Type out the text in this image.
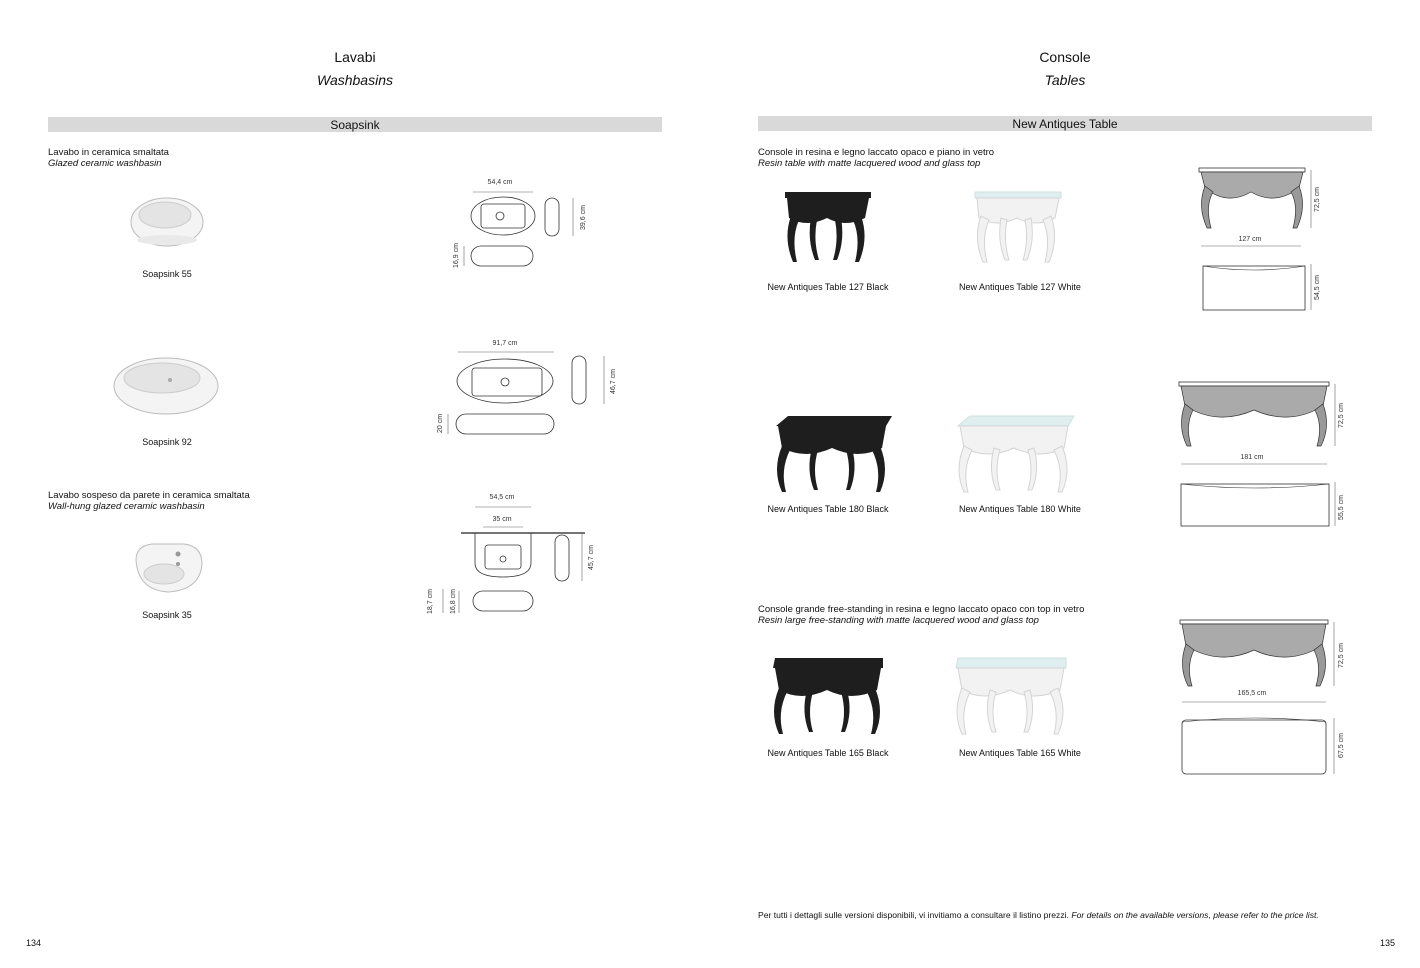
Lavabi
Washbasins
Soapsink
Lavabo in ceramica smaltata
Glazed ceramic washbasin
Soapsink 55
54,4 cm
39,6 cm
16,9 cm
Soapsink 92
91,7 cm
46,7 cm
20 cm
Lavabo sospeso da parete in ceramica smaltata
Wall-hung glazed ceramic washbasin
Soapsink 35
54,5 cm
35 cm
45,7 cm
18,7 cm 16,8 cm
134
Console
Tables
New Antiques Table
Console in resina e legno laccato opaco e piano in vetro
Resin table with matte lacquered wood and glass top
New Antiques Table 127 Black	New Antiques Table 127 White
72,5 cm
127 cm
54,5 cm
New Antiques Table 180 Black	New Antiques Table 180 White
72,5 cm
181 cm
55,5 cm
Console grande free-standing in resina e legno laccato opaco con top in vetro
Resin large free-standing with matte lacquered wood and glass top
New Antiques Table 165 Black	New Antiques Table 165 White
72,5 cm
165,5 cm
67,5 cm
Per tutti i dettagli sulle versioni disponibili, vi invitiamo a consultare il listino prezzi. For details on the available versions, please refer to the price list.
135
